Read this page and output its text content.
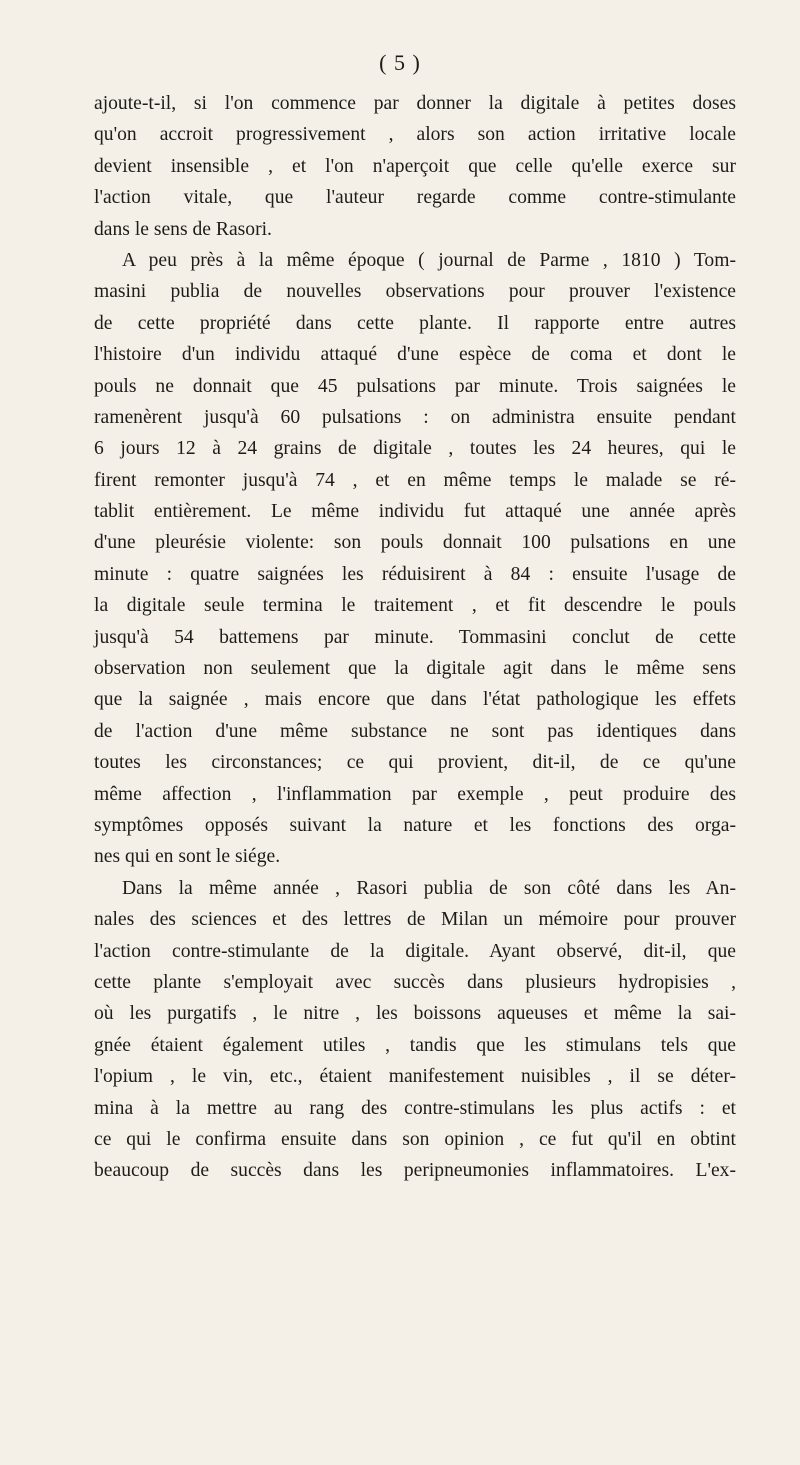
( 5 )
ajoute-t-il, si l'on commence par donner la digitale à petites doses
qu'on accroit progressivement , alors son action irritative locale
devient insensible , et l'on n'aperçoit que celle qu'elle exerce sur
l'action vitale, que l'auteur regarde comme contre-stimulante
dans le sens de Rasori.
A peu près à la même époque ( journal de Parme , 1810 ) Tom-
masini publia de nouvelles observations pour prouver l'existence
de cette propriété dans cette plante. Il rapporte entre autres
l'histoire d'un individu attaqué d'une espèce de coma et dont le
pouls ne donnait que 45 pulsations par minute. Trois saignées le
ramenèrent jusqu'à 60 pulsations : on administra ensuite pendant
6 jours 12 à 24 grains de digitale , toutes les 24 heures, qui le
firent remonter jusqu'à 74 , et en même temps le malade se ré-
tablit entièrement. Le même individu fut attaqué une année après
d'une pleurésie violente: son pouls donnait 100 pulsations en une
minute : quatre saignées les réduisirent à 84 : ensuite l'usage de
la digitale seule termina le traitement , et fit descendre le pouls
jusqu'à 54 battemens par minute. Tommasini conclut de cette
observation non seulement que la digitale agit dans le même sens
que la saignée , mais encore que dans l'état pathologique les effets
de l'action d'une même substance ne sont pas identiques dans
toutes les circonstances; ce qui provient, dit-il, de ce qu'une
même affection , l'inflammation par exemple , peut produire des
symptômes opposés suivant la nature et les fonctions des orga-
nes qui en sont le siége.
Dans la même année , Rasori publia de son côté dans les An-
nales des sciences et des lettres de Milan un mémoire pour prouver
l'action contre-stimulante de la digitale. Ayant observé, dit-il, que
cette plante s'employait avec succès dans plusieurs hydropisies ,
où les purgatifs , le nitre , les boissons aqueuses et même la sai-
gnée étaient également utiles , tandis que les stimulans tels que
l'opium , le vin, etc., étaient manifestement nuisibles , il se déter-
mina à la mettre au rang des contre-stimulans les plus actifs : et
ce qui le confirma ensuite dans son opinion , ce fut qu'il en obtint
beaucoup de succès dans les peripneumonies inflammatoires. L'ex-
